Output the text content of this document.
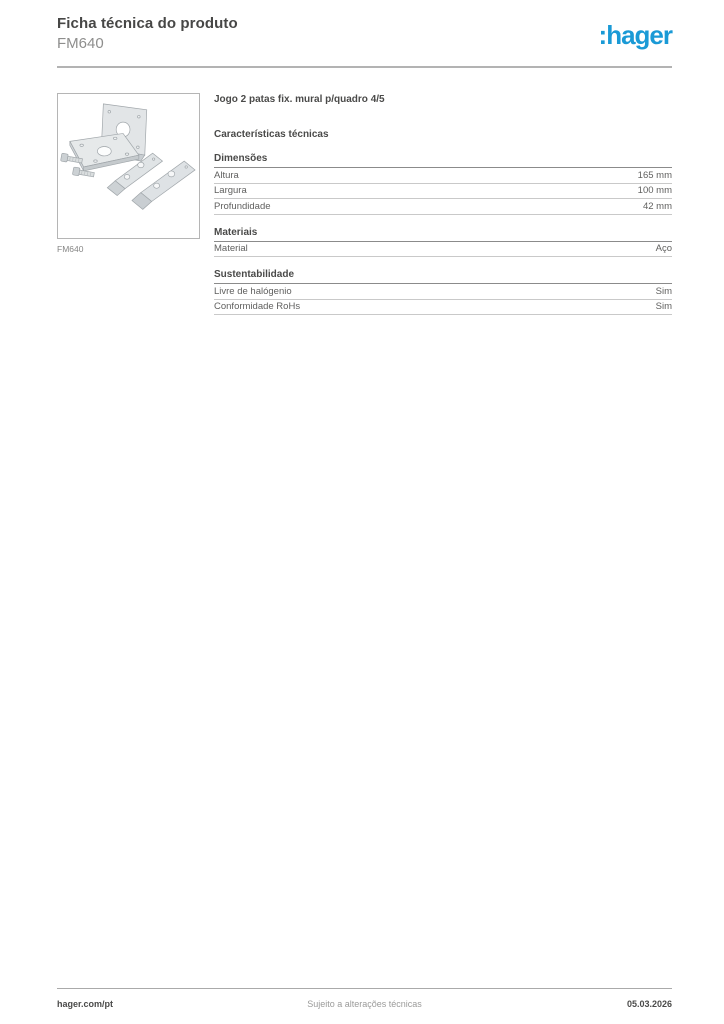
Ficha técnica do produto
FM640	:hager
FM640
Jogo 2 patas fix. mural p/quadro 4/5
Características técnicas
Dimensões
Altura	165 mm
Largura	100 mm
Profundidade	42 mm
Materiais
Material	Aço
Sustentabilidade
Livre de halógenio	Sim
Conformidade RoHs	Sim
hager.com/pt	Sujeito a alterações técnicas	05.03.2026
